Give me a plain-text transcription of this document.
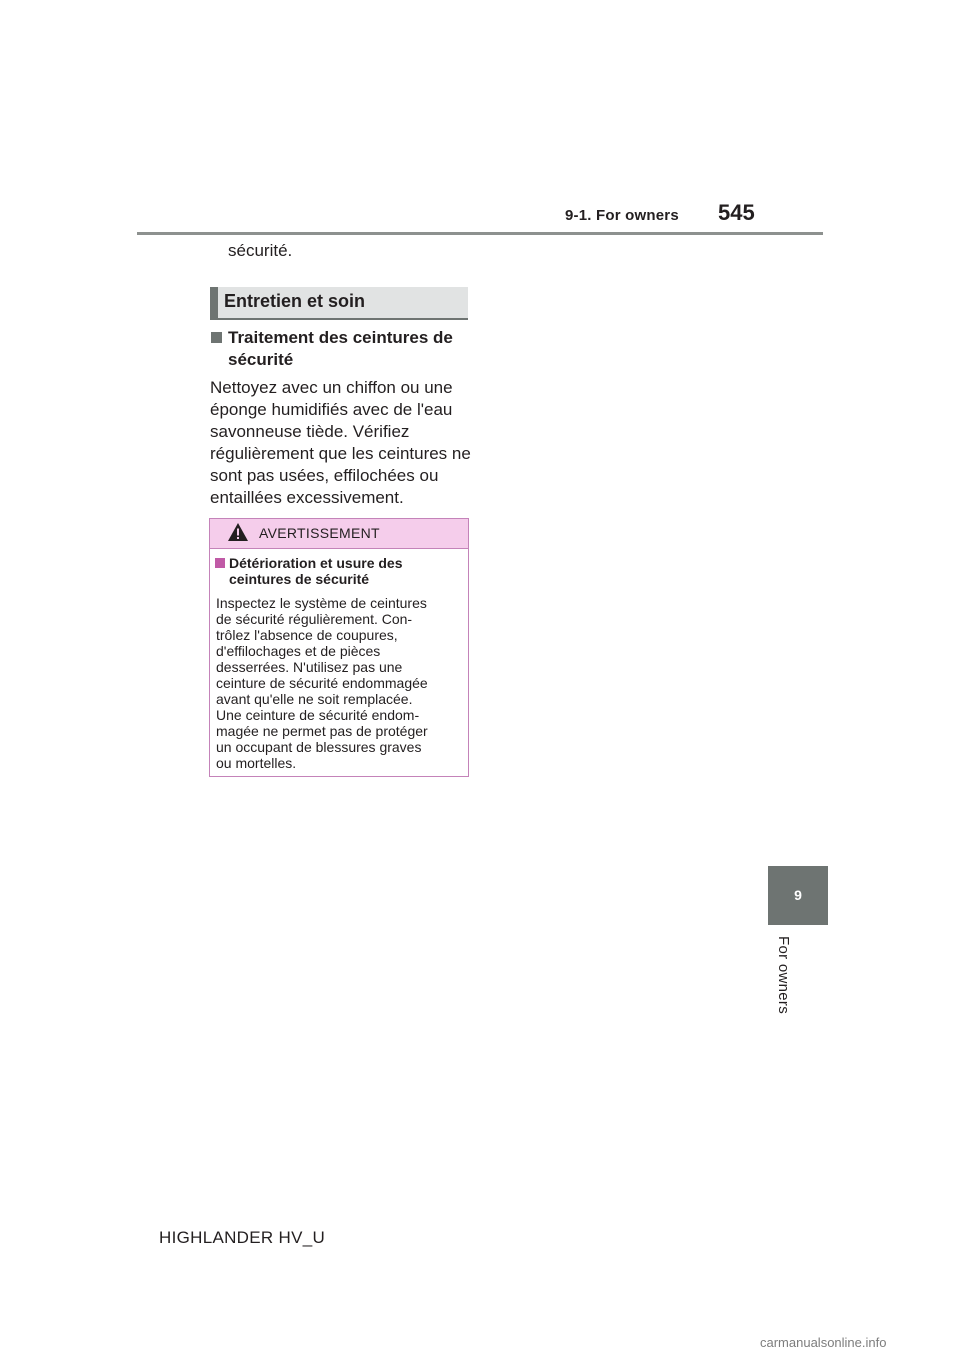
9-1. For owners 545
sécurité.
Entretien et soin
Traitement des ceintures de sécurité
Nettoyez avec un chiffon ou une éponge humidifiés avec de l'eau savonneuse tiède. Vérifiez régulièrement que les ceintures ne sont pas usées, effilochées ou entaillées excessivement.
AVERTISSEMENT
Détérioration et usure des ceintures de sécurité
Inspectez le système de ceintures
de sécurité régulièrement. Con-
trôlez l'absence de coupures,
d'effilochages et de pièces
desserrées. N'utilisez pas une
ceinture de sécurité endommagée
avant qu'elle ne soit remplacée.
Une ceinture de sécurité endom-
magée ne permet pas de protéger
un occupant de blessures graves
ou mortelles.
9
For owners
HIGHLANDER HV_U
carmanualsonline.info
